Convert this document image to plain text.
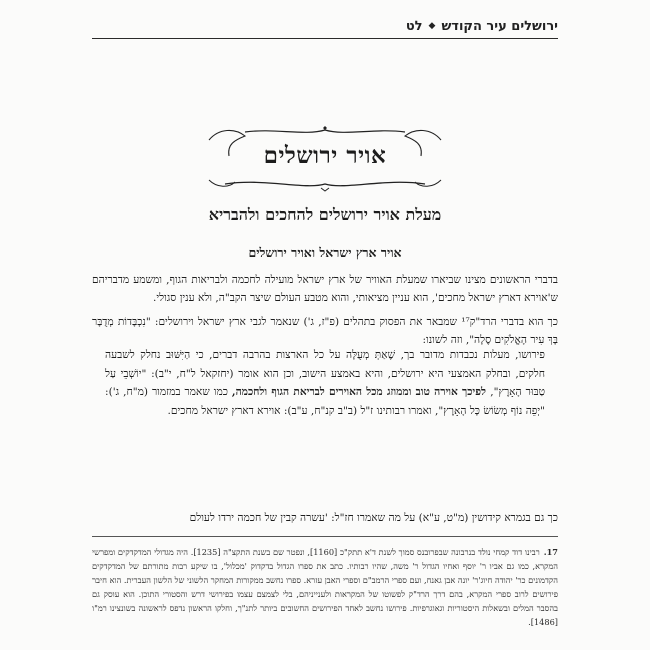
ירושלים עיר הקודש
◆
לט
אויר ירושלים
מעלת אויר ירושלים להחכים ולהבריא
אויר ארץ ישראל ואויר ירושלים

בדברי הראשונים מצינו שביארו שמעלת האוויר של ארץ ישראל מועילה לחכמה ולבריאות הגוף, ומשמע מדבריהם ש'אוירא דארץ ישראל מחכים', הוא עניין מציאותי, והוא מטבע העולם שיצר הקב"ה, ולא ענין סגולי.

כך הוא בדברי הרד"ק¹⁷ שמבאר את הפסוק בתהלים (פ"ז, ג') שנאמר לגבי ארץ ישראל וירושלים: "נִכְבָּדוֹת מְדֻבָּר בָּךְ עִיר הָאֱלֹקִים סֶלָה", וזה לשונו:

פירושו, מעלות נכבדות מדובר בך, שֶׁאַתְּ מְעֻלָּה על כל הארצות בהרבה דברים, כי הַיִּשּׁוּב נחלק לשבעה חלקים, ובחלק האמצעי היא ירושלים, והיא באמצע הישוב, וכן הוא אומר (יחזקאל ל"ח, י"ב): "יוֹשְׁבֵי עַל טַבּוּר הָאָרֶץ", לפיכך אוירה טוב וממוזג מכל האוירים לבריאת הגוף ולחכמה, כמו שאמר במזמור (מ"ח, ג'): "יְפֵה נוֹף מְשׂוֹשׂ כָּל הָאָרֶץ", ואמרו רבותינו ז"ל (ב"ב קנ"ח, ע"ב): אוירא דארץ ישראל מחכים.
כך גם בגמרא קידושין (מ"ט, ע"א) על מה שאמרו חז"ל: 'עשרה קבין של חכמה ירדו לעולם
17.רבינו דוד קמחי נולד בנרבונה שבפרובנס סמוך לשנת ד'א תתק"כ [1160], ונפטר שם בשנת התקצ"ה [1235]. היה מגדולי המדקדקים ומפרשי המקרא, כמו גם אביו ר' יוסף ואחיו הגדול ר' משה, שהיו רבותיו. כתב את ספרו הגדול בדקדוק 'מכלול', בו שיקע רבות מתורתם של המדקדקים הקדמונים כר' יהודה חיוג'ר' יונה אבן גאנח, ועם ספרי הרמב"ם וספרי האבן עזרא. ספרו נחשב ממקורות המחקר הלשוני של הלשון העברית. הוא חיבר פירושים לרוב ספרי המקרא, בהם דרך הרד"ק לפשוטו של המקראות ולענייניהם, בלי לצמצם עצמו בפירושי דרש והסטורי התוכן. הוא עוסק גם בהסבר המלים ובשאלות היסטוריות וגאוגרפיות. פירושו נחשב לאחד הפירושים החשובים ביותר לתנ"ך, וחלקו הראשון נדפס לראשונה בשונצינו רמ"ו [1486].
